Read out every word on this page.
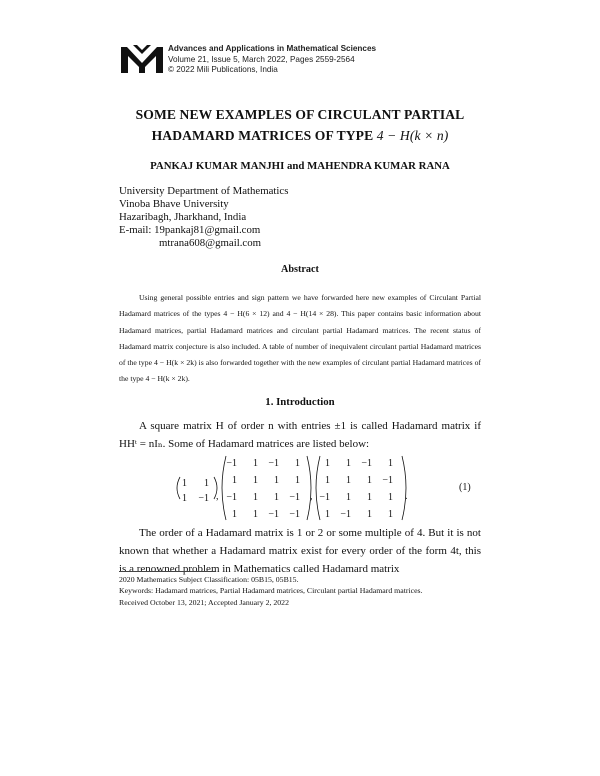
Advances and Applications in Mathematical Sciences
Volume 21, Issue 5, March 2022, Pages 2559-2564
© 2022 Mili Publications, India
SOME NEW EXAMPLES OF CIRCULANT PARTIAL
HADAMARD MATRICES OF TYPE 4 − H(k × n)
PANKAJ KUMAR MANJHI and MAHENDRA KUMAR RANA
University Department of Mathematics
Vinoba Bhave University
Hazaribagh, Jharkhand, India
E-mail: 19pankaj81@gmail.com
mtrana608@gmail.com
Abstract
Using general possible entries and sign pattern we have forwarded here new examples of Circulant Partial Hadamard matrices of the types 4 − H(6 × 12) and 4 − H(14 × 28). This paper contains basic information about Hadamard matrices, partial Hadamard matrices and circulant partial Hadamard matrices. The recent status of Hadamard matrix conjecture is also included. A table of number of inequivalent circulant partial Hadamard matrices of the type 4 − H(k × 2k) is also forwarded together with the new examples of circulant partial Hadamard matrices of the type 4 − H(k × 2k).
1. Introduction
A square matrix H of order n with entries ±1 is called Hadamard matrix if HHᵗ = nIₙ. Some of Hadamard matrices are listed below:
,	,	.
1 1
1 −1
−1 1 −1 1
1 1 1 1
−1 1 1 −1
1 1 −1 −1
1 1 −1 1
1 1 1 −1
−1 1 1 1
1 −1 1 1
(1)
The order of a Hadamard matrix is 1 or 2 or some multiple of 4. But it is not known that whether a Hadamard matrix exist for every order of the form 4t, this is a renowned problem in Mathematics called Hadamard matrix
2020 Mathematics Subject Classification: 05B15, 05B15.
Keywords: Hadamard matrices, Partial Hadamard matrices, Circulant partial Hadamard matrices.
Received October 13, 2021; Accepted January 2, 2022
